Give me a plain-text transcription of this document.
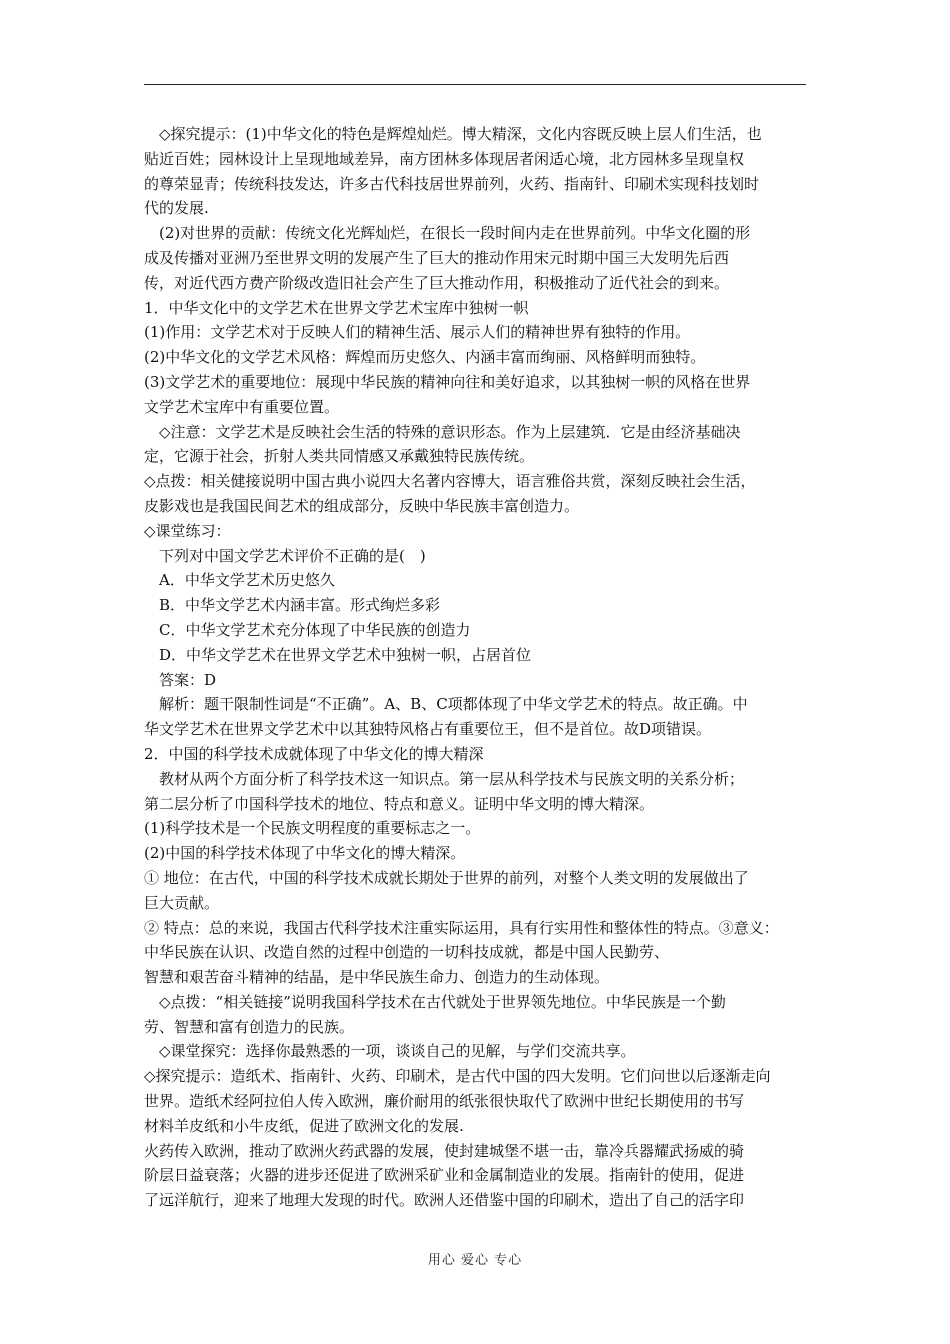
◇探究提示：(1)中华文化的特色是辉煌灿烂。博大精深，文化内容既反映上层人们生活，也
贴近百姓；园林设计上呈现地域差异，南方团林多体现居者闲适心境，北方园林多呈现皇权
的尊荣显青；传统科技发达，许多古代科技居世界前列，火药、指南针、印刷术实现科技划时
代的发展.
(2)对世界的贡献：传统文化光辉灿烂，在很长一段时间内走在世界前列。中华文化圈的形
成及传播对亚洲乃至世界文明的发展产生了巨大的推动作用宋元时期中国三大发明先后西
传，对近代西方费产阶级改造旧社会产生了巨大推动作用，积极推动了近代社会的到来。
1．中华文化中的文学艺术在世界文学艺术宝库中独树一帜
(1)作用：文学艺术对于反映人们的精神生活、展示人们的精神世界有独特的作用。
(2)中华文化的文学艺术风格：辉煌而历史悠久、内涵丰富而绚丽、风格鲜明而独特。
(3)文学艺术的重要地位：展现中华民族的精神向往和美好追求，以其独树一帜的风格在世界
文学艺术宝库中有重要位置。
◇注意：文学艺术是反映社会生活的特殊的意识形态。作为上层建筑．它是由经济基础决
定，它源于社会，折射人类共同情感又承戴独特民族传统。
◇点拨：相关健接说明中国古典小说四大名著内容博大，语言雅俗共赏，深刻反映社会生活，
皮影戏也是我国民间艺术的组成部分，反映中华民族丰富创造力。
◇课堂练习：
下列对中国文学艺术评价不正确的是(　)
A．中华文学艺术历史悠久
B．中华文学艺术内涵丰富。形式绚烂多彩
C．中华文学艺术充分体现了中华民族的创造力
D．中华文学艺术在世界文学艺术中独树一帜，占居首位
答案：D
解析：题干限制性词是“不正确”。A、B、C项都体现了中华文学艺术的特点。故正确。中
华文学艺术在世界文学艺术中以其独特风格占有重要位王，但不是首位。故D项错误。
2．中国的科学技术成就体现了中华文化的博大精深
教材从两个方面分析了科学技术这一知识点。第一层从科学技术与民族文明的关系分析；
第二层分析了巾国科学技术的地位、特点和意义。证明中华文明的博大精深。
(1)科学技术是一个民族文明程度的重要标志之一。
(2)中国的科学技术体现了中华文化的博大精深。
① 地位：在古代，中国的科学技术成就长期处于世界的前列，对整个人类文明的发展做出了
巨大贡献。
② 特点：总的来说，我国古代科学技术注重实际运用，具有行实用性和整体性的特点。③意义：
中华民族在认识、改造自然的过程中创造的一切科技成就，都是中国人民勤劳、
智慧和艰苦奋斗精神的结晶，是中华民族生命力、创造力的生动体现。
◇点拨：“相关链接”说明我国科学技术在古代就处于世界领先地位。中华民族是一个勤
劳、智慧和富有创造力的民族。
◇课堂探究：选择你最熟悉的一项，谈谈自己的见解，与学们交流共享。
◇探究提示：造纸术、指南针、火药、印刷术，是古代中国的四大发明。它们问世以后逐渐走向
世界。造纸术经阿拉伯人传入欧洲，廉价耐用的纸张很快取代了欧洲中世纪长期使用的书写
材料羊皮纸和小牛皮纸，促进了欧洲文化的发展.
火药传入欧洲，推动了欧洲火药武器的发展，使封建城堡不堪一击，靠冷兵器耀武扬威的骑
阶层日益衰落；火器的进步还促进了欧洲采矿业和金属制造业的发展。指南针的使用，促进
了远洋航行，迎来了地理大发现的时代。欧洲人还借鉴中国的印刷术，造出了自己的活字印
用心 爱心 专心
